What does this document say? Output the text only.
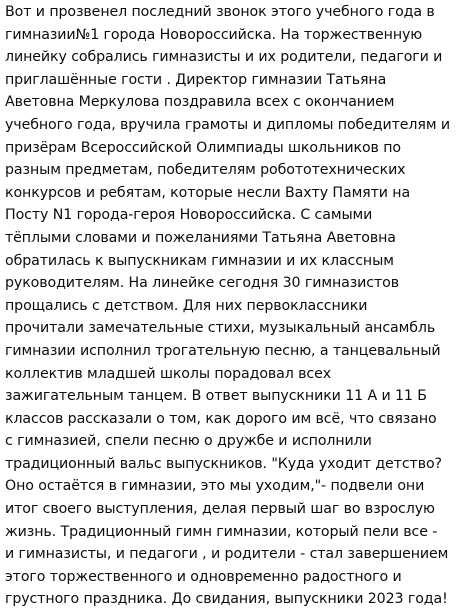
Вот и прозвенел последний звонок этого учебного года в
гимназии№1 города Новороссийска. На торжественную
линейку собрались гимназисты и их родители, педагоги и
приглашённые гости . Директор гимназии Татьяна
Аветовна Меркулова поздравила всех с окончанием
учебного года, вручила грамоты и дипломы победителям и
призёрам Всероссийской Олимпиады школьников по
разным предметам, победителям робототехнических
конкурсов и ребятам, которые несли Вахту Памяти на
Посту N1 города-героя Новороссийска. С самыми
тёплыми словами и пожеланиями Татьяна Аветовна
обратилась к выпускникам гимназии и их классным
руководителям. На линейке сегодня 30 гимназистов
прощались с детством. Для них первоклассники
прочитали замечательные стихи, музыкальный ансамбль
гимназии исполнил трогательную песню, а танцевальный
коллектив младшей школы порадовал всех
зажигательным танцем. В ответ выпускники 11 А и 11 Б
классов рассказали о том, как дорого им всё, что связано
с гимназией, спели песню о дружбе и исполнили
традиционный вальс выпускников. "Куда уходит детство?
Оно остаётся в гимназии, это мы уходим,"- подвели они
итог своего выступления, делая первый шаг во взрослую
жизнь. Традиционный гимн гимназии, который пели все -
и гимназисты, и педагоги , и родители - стал завершением
этого торжественного и одновременно радостного и
грустного праздника. До свидания, выпускники 2023 года!
